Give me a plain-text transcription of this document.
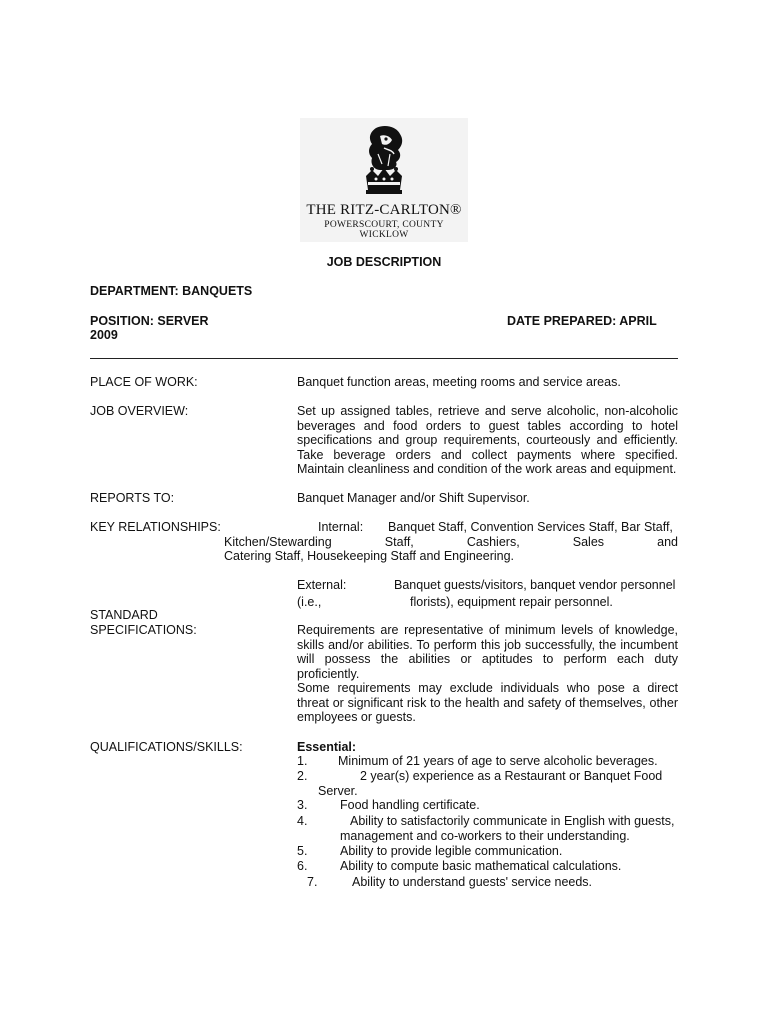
THE RITZ-CARLTON®
POWERSCOURT, COUNTY WICKLOW
JOB DESCRIPTION
DEPARTMENT: BANQUETS
POSITION: SERVER	DATE PREPARED: APRIL
2009
PLACE OF WORK:	Banquet function areas, meeting rooms and service areas.
JOB OVERVIEW:	Set up assigned tables, retrieve and serve alcoholic, non-alcoholic beverages and food orders to guest tables according to hotel specifications and group requirements, courteously and efficiently. Take beverage orders and collect payments where specified. Maintain cleanliness and condition of the work areas and equipment.
REPORTS TO:	Banquet Manager and/or Shift Supervisor.
KEY RELATIONSHIPS:	Internal: Banquet Staff, Convention Services Staff, Bar Staff,
Kitchen/Stewarding Staff, Cashiers, Sales and
Catering Staff, Housekeeping Staff and Engineering.
External:	Banquet guests/visitors, banquet vendor personnel
(i.e.,	florists), equipment repair personnel.
STANDARD
SPECIFICATIONS:	Requirements are representative of minimum levels of knowledge, skills and/or abilities. To perform this job successfully, the incumbent will possess the abilities or aptitudes to perform each duty proficiently.
Some requirements may exclude individuals who pose a direct threat or significant risk to the health and safety of themselves, other employees or guests.
QUALIFICATIONS/SKILLS:	Essential:
1. Minimum of 21 years of age to serve alcoholic beverages.
2.	2 year(s) experience as a Restaurant or Banquet Food
Server.
3.	Food handling certificate.
4.	Ability to satisfactorily communicate in English with guests,
management and co-workers to their understanding.
5.	Ability to provide legible communication.
6.	Ability to compute basic mathematical calculations.
7.	Ability to understand guests' service needs.
